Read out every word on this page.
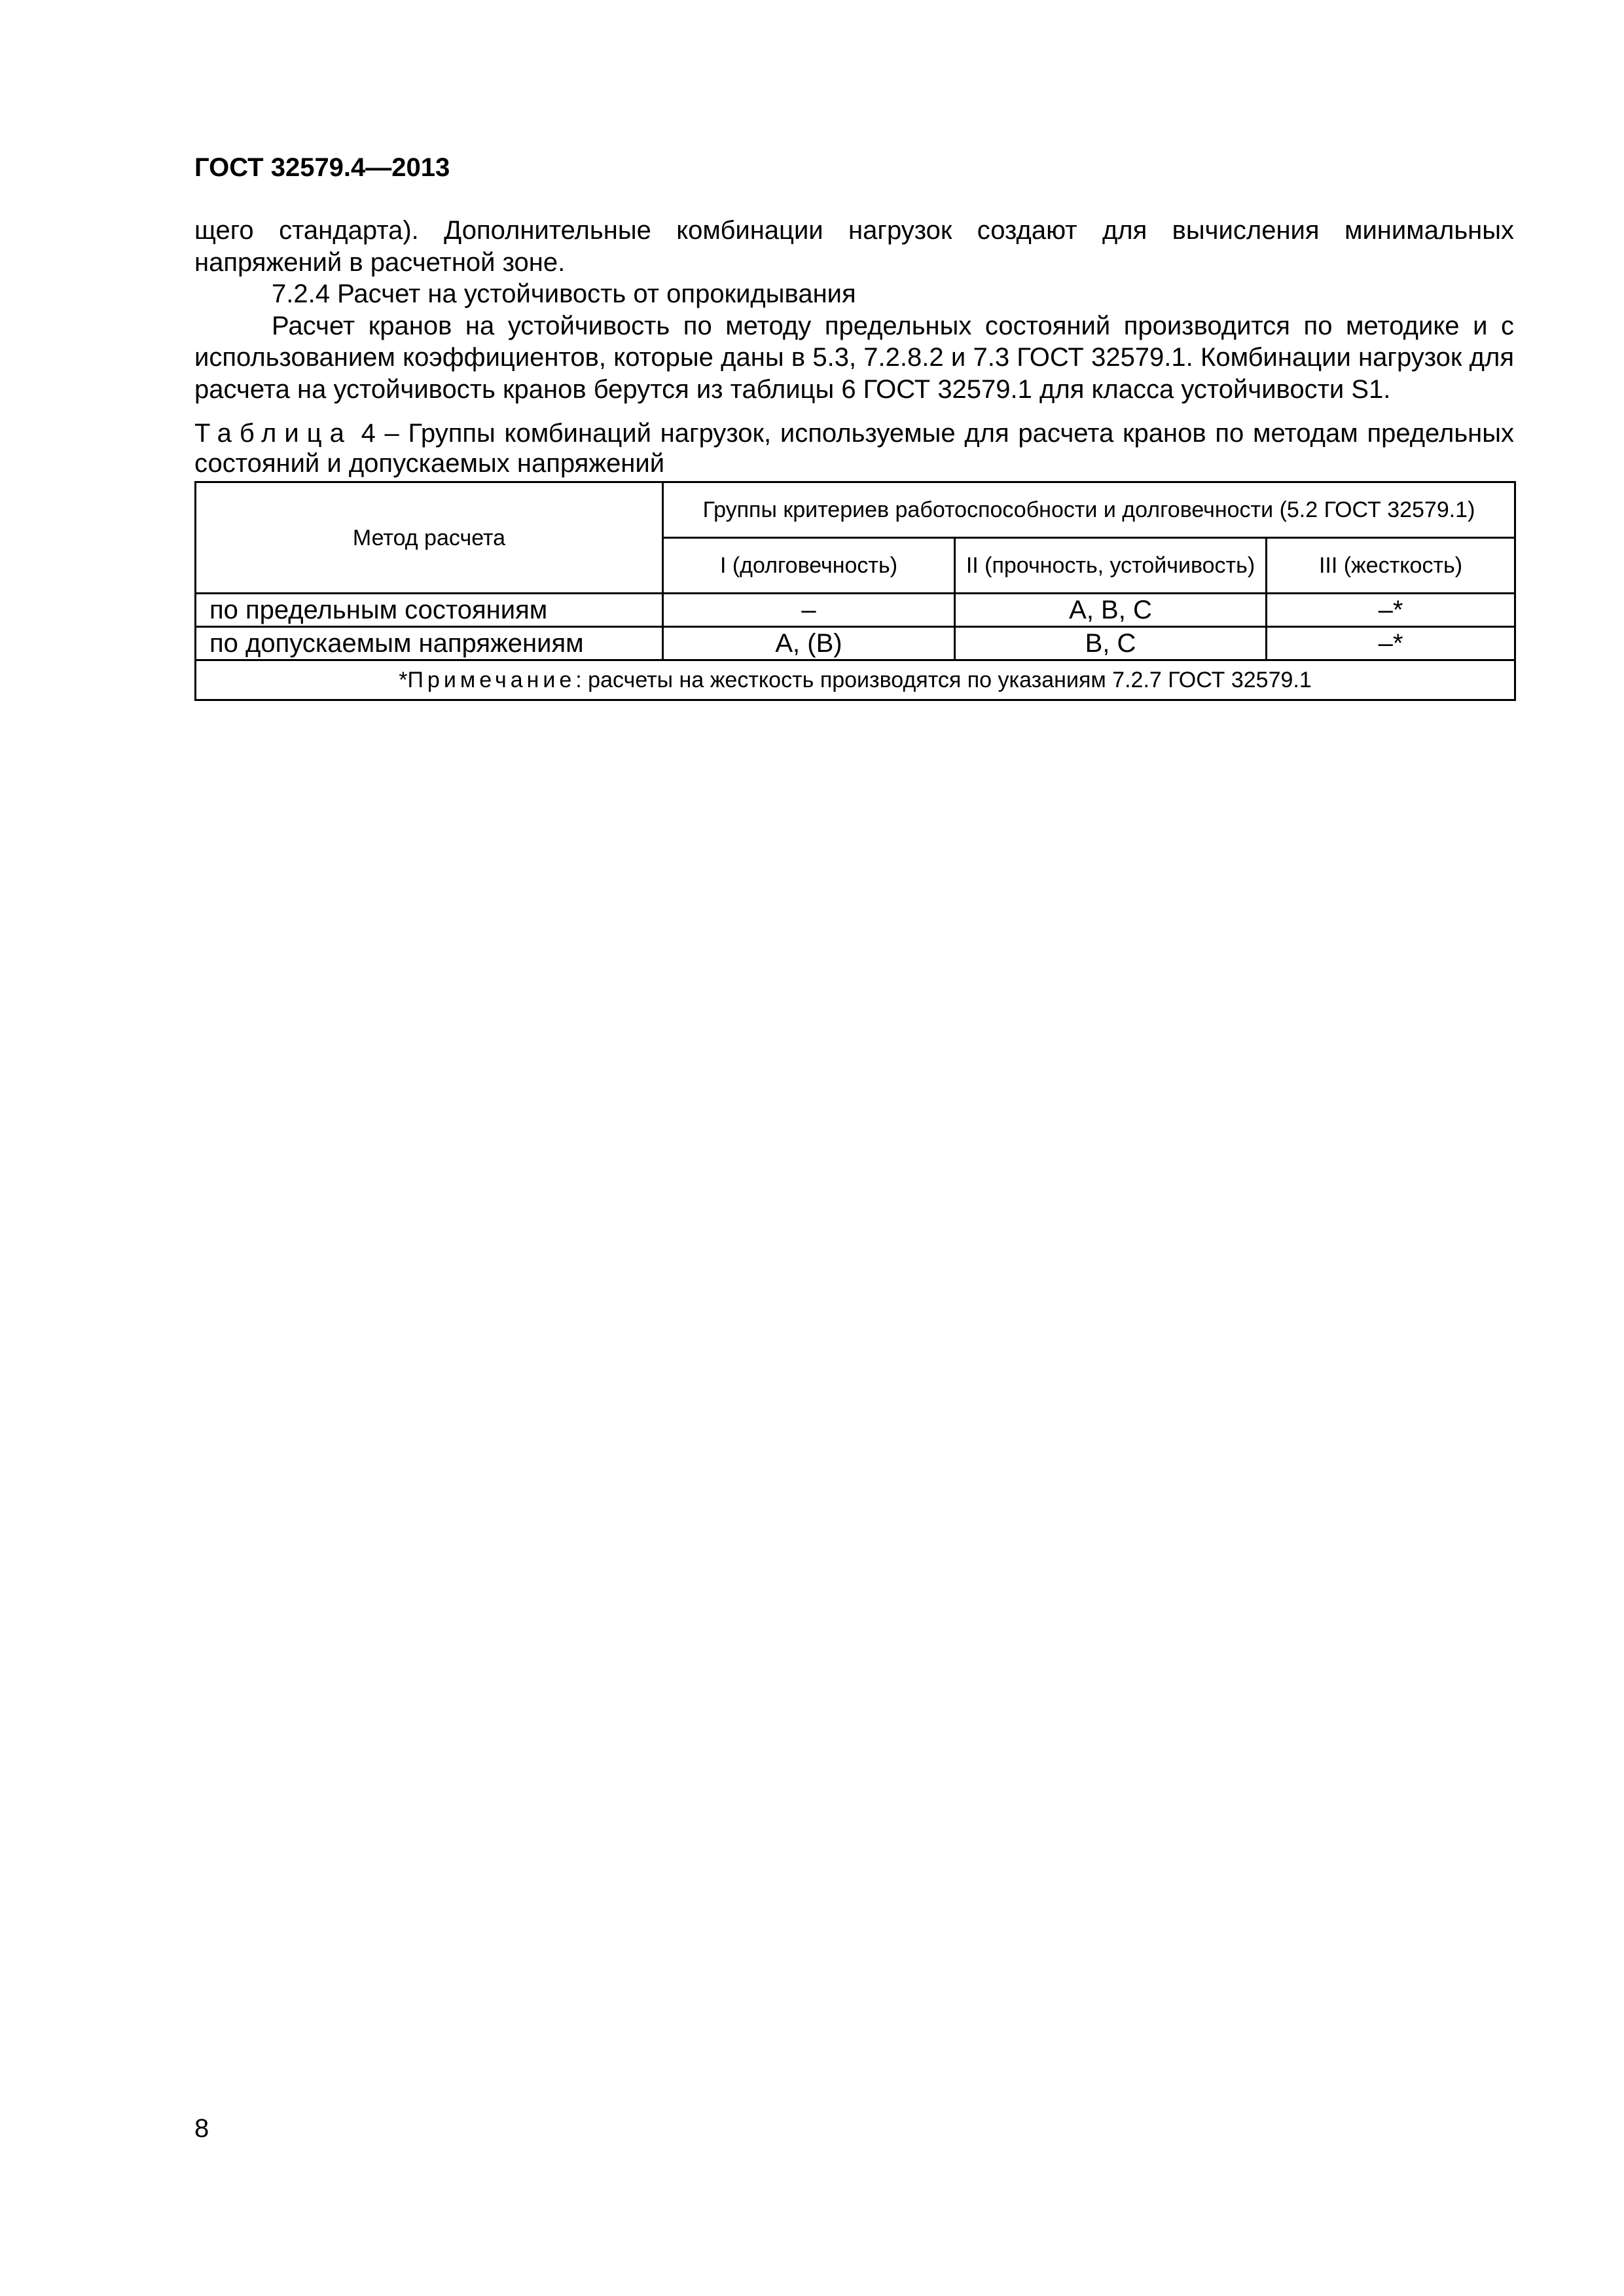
ГОСТ 32579.4—2013

щего стандарта). Дополнительные комбинации нагрузок создают для вычисления минимальных напряжений в расчетной зоне.

7.2.4 Расчет на устойчивость от опрокидывания

Расчет кранов на устойчивость по методу предельных состояний производится по методике и с использованием коэффициентов, которые даны в 5.3, 7.2.8.2 и 7.3 ГОСТ 32579.1. Комбинации нагрузок для расчета на устойчивость кранов берутся из таблицы 6 ГОСТ 32579.1 для класса устойчивости S1.

Таблица 4 – Группы комбинаций нагрузок, используемые для расчета кранов по методам предельных состояний и допускаемых напряжений

Метод расчета	Группы критериев работоспособности и долговечности (5.2 ГОСТ 32579.1)		
	I (долговечность)	II (прочность, устойчивость)	III (жесткость)
по предельным состояниям	–	A, B, C	–*
по допускаемым напряжениям	A, (B)	B, C	–*
*Примечание: расчеты на жесткость производятся по указаниям 7.2.7 ГОСТ 32579.1			
8
